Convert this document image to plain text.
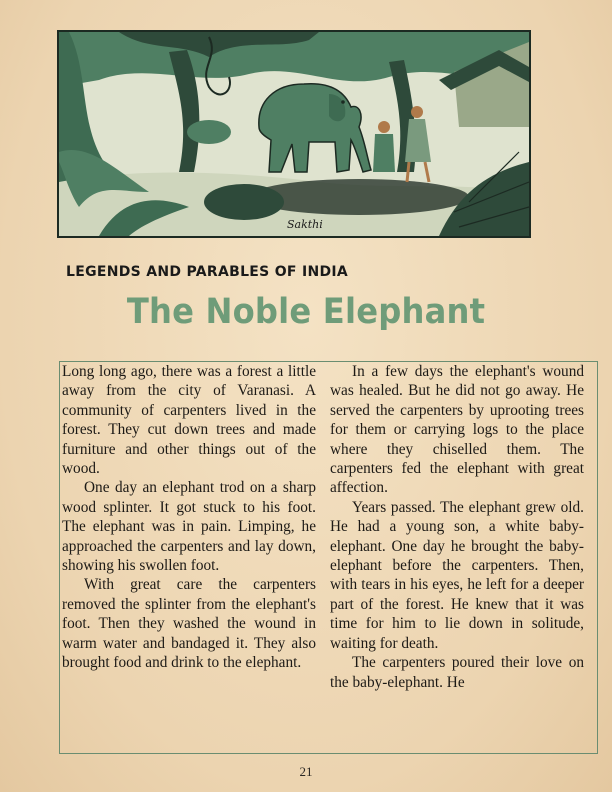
Sakthi
LEGENDS AND PARABLES OF INDIA
The Noble Elephant

Long long ago, there was a forest a little away from the city of Varanasi. A community of carpenters lived in the forest. They cut down trees and made furniture and other things out of the wood.

One day an elephant trod on a sharp wood splinter. It got stuck to his foot. The elephant was in pain. Limping, he approached the carpenters and lay down, showing his swollen foot.

With great care the carpenters removed the splinter from the elephant's foot. Then they washed the wound in warm water and bandaged it. They also brought food and drink to the elephant.

In a few days the elephant's wound was healed. But he did not go away. He served the carpenters by uprooting trees for them or carrying logs to the place where they chiselled them. The carpenters fed the elephant with great affection.

Years passed. The elephant grew old. He had a young son, a white baby-elephant. One day he brought the baby-elephant before the carpenters. Then, with tears in his eyes, he left for a deeper part of the forest. He knew that it was time for him to lie down in solitude, waiting for death.

The carpenters poured their love on the baby-elephant. He

21
